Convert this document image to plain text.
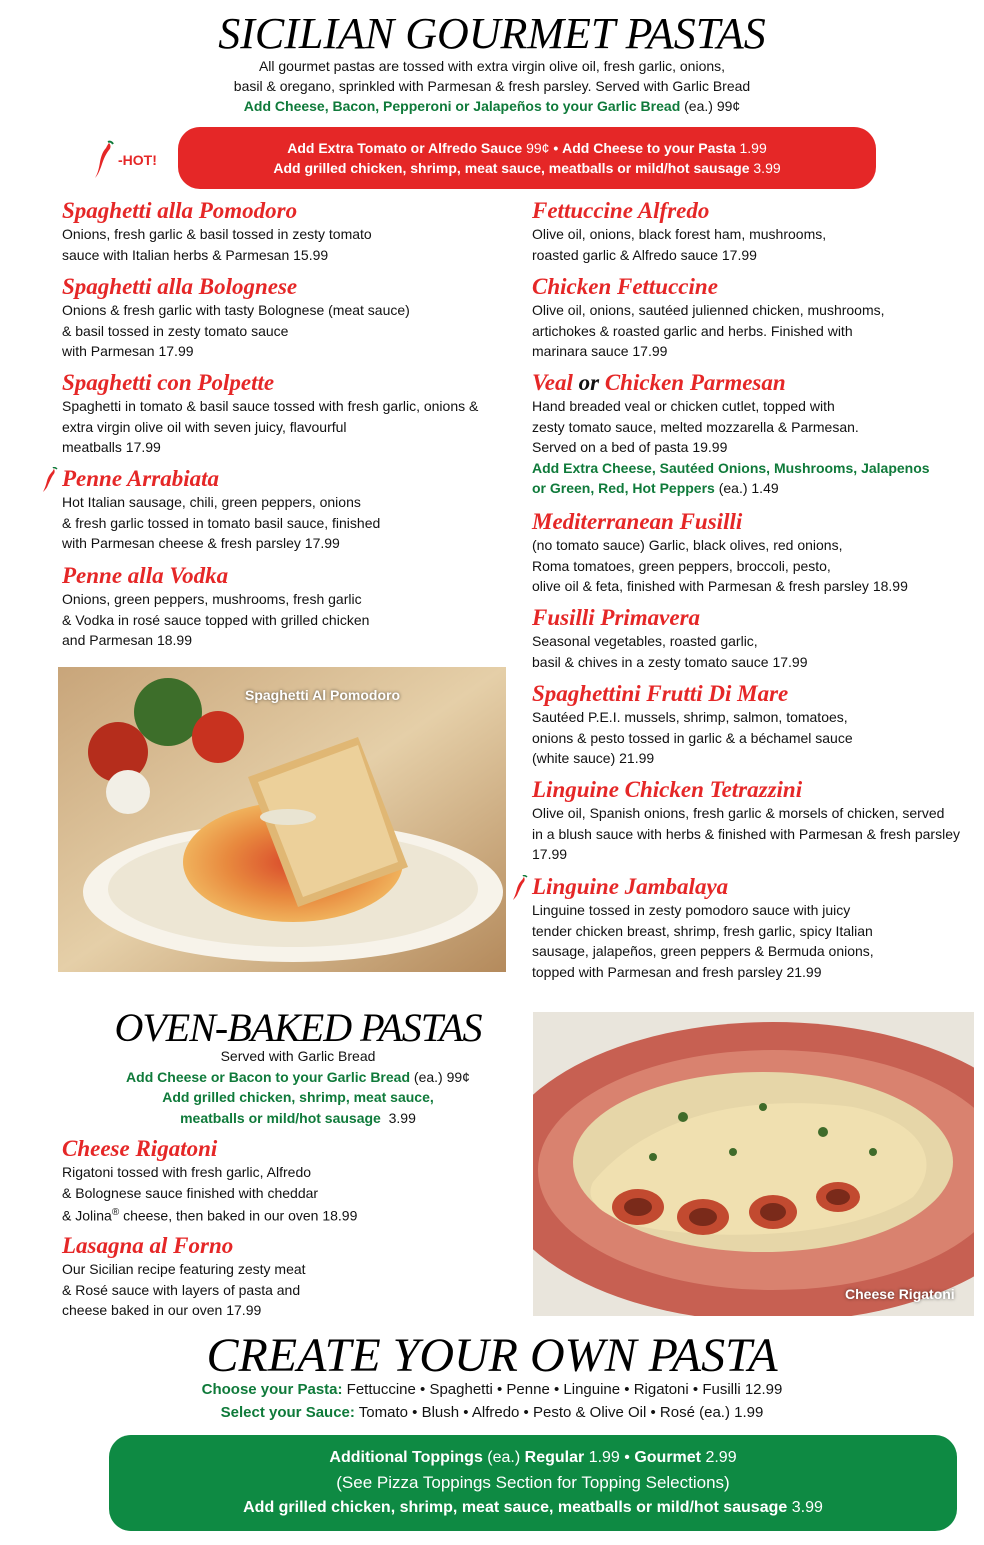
SICILIAN GOURMET PASTAS
All gourmet pastas are tossed with extra virgin olive oil, fresh garlic, onions,
basil & oregano, sprinkled with Parmesan & fresh parsley. Served with Garlic Bread
Add Cheese, Bacon, Pepperoni or Jalapeños to your Garlic Bread (ea.) 99¢
-HOT!
Add Extra Tomato or Alfredo Sauce 99¢ • Add Cheese to your Pasta 1.99
Add grilled chicken, shrimp, meat sauce, meatballs or mild/hot sausage 3.99
Spaghetti alla Pomodoro
Onions, fresh garlic & basil tossed in zesty tomato
sauce with Italian herbs & Parmesan 15.99
Spaghetti alla Bolognese
Onions & fresh garlic with tasty Bolognese (meat sauce)
& basil tossed in zesty tomato sauce
with Parmesan 17.99
Spaghetti con Polpette
Spaghetti in tomato & basil sauce tossed with fresh garlic, onions &
extra virgin olive oil with seven juicy, flavourful
meatballs 17.99
Penne Arrabiata
Hot Italian sausage, chili, green peppers, onions
& fresh garlic tossed in tomato basil sauce, finished
with Parmesan cheese & fresh parsley 17.99
Penne alla Vodka
Onions, green peppers, mushrooms, fresh garlic
& Vodka in rosé sauce topped with grilled chicken
and Parmesan 18.99
Spaghetti Al Pomodoro
Fettuccine Alfredo
Olive oil, onions, black forest ham, mushrooms,
roasted garlic & Alfredo sauce 17.99
Chicken Fettuccine
Olive oil, onions, sautéed julienned chicken, mushrooms,
artichokes & roasted garlic and herbs. Finished with
marinara sauce 17.99
Veal or Chicken Parmesan
Hand breaded veal or chicken cutlet, topped with
zesty tomato sauce, melted mozzarella & Parmesan.
Served on a bed of pasta 19.99
Add Extra Cheese, Sautéed Onions, Mushrooms, Jalapenos
or Green, Red, Hot Peppers (ea.) 1.49
Mediterranean Fusilli
(no tomato sauce) Garlic, black olives, red onions,
Roma tomatoes, green peppers, broccoli, pesto,
olive oil & feta, finished with Parmesan & fresh parsley 18.99
Fusilli Primavera
Seasonal vegetables, roasted garlic,
basil & chives in a zesty tomato sauce 17.99
Spaghettini Frutti Di Mare
Sautéed P.E.I. mussels, shrimp, salmon, tomatoes,
onions & pesto tossed in garlic & a béchamel sauce
(white sauce) 21.99
Linguine Chicken Tetrazzini
Olive oil, Spanish onions, fresh garlic & morsels of chicken, served
in a blush sauce with herbs & finished with Parmesan & fresh parsley
17.99
Linguine Jambalaya
Linguine tossed in zesty pomodoro sauce with juicy
tender chicken breast, shrimp, fresh garlic, spicy Italian
sausage, jalapeños, green peppers & Bermuda onions,
topped with Parmesan and fresh parsley 21.99
OVEN-BAKED PASTAS
Served with Garlic Bread
Add Cheese or Bacon to your Garlic Bread (ea.) 99¢
Add grilled chicken, shrimp, meat sauce,
meatballs or mild/hot sausage 3.99
Cheese Rigatoni
Rigatoni tossed with fresh garlic, Alfredo
& Bolognese sauce finished with cheddar
& Jolina® cheese, then baked in our oven 18.99
Lasagna al Forno
Our Sicilian recipe featuring zesty meat
& Rosé sauce with layers of pasta and
cheese baked in our oven 17.99
Cheese Rigatoni
CREATE YOUR OWN PASTA
Choose your Pasta: Fettuccine • Spaghetti • Penne • Linguine • Rigatoni • Fusilli 12.99
Select your Sauce: Tomato • Blush • Alfredo • Pesto & Olive Oil • Rosé (ea.) 1.99
Additional Toppings (ea.) Regular 1.99 • Gourmet 2.99
(See Pizza Toppings Section for Topping Selections)
Add grilled chicken, shrimp, meat sauce, meatballs or mild/hot sausage 3.99
